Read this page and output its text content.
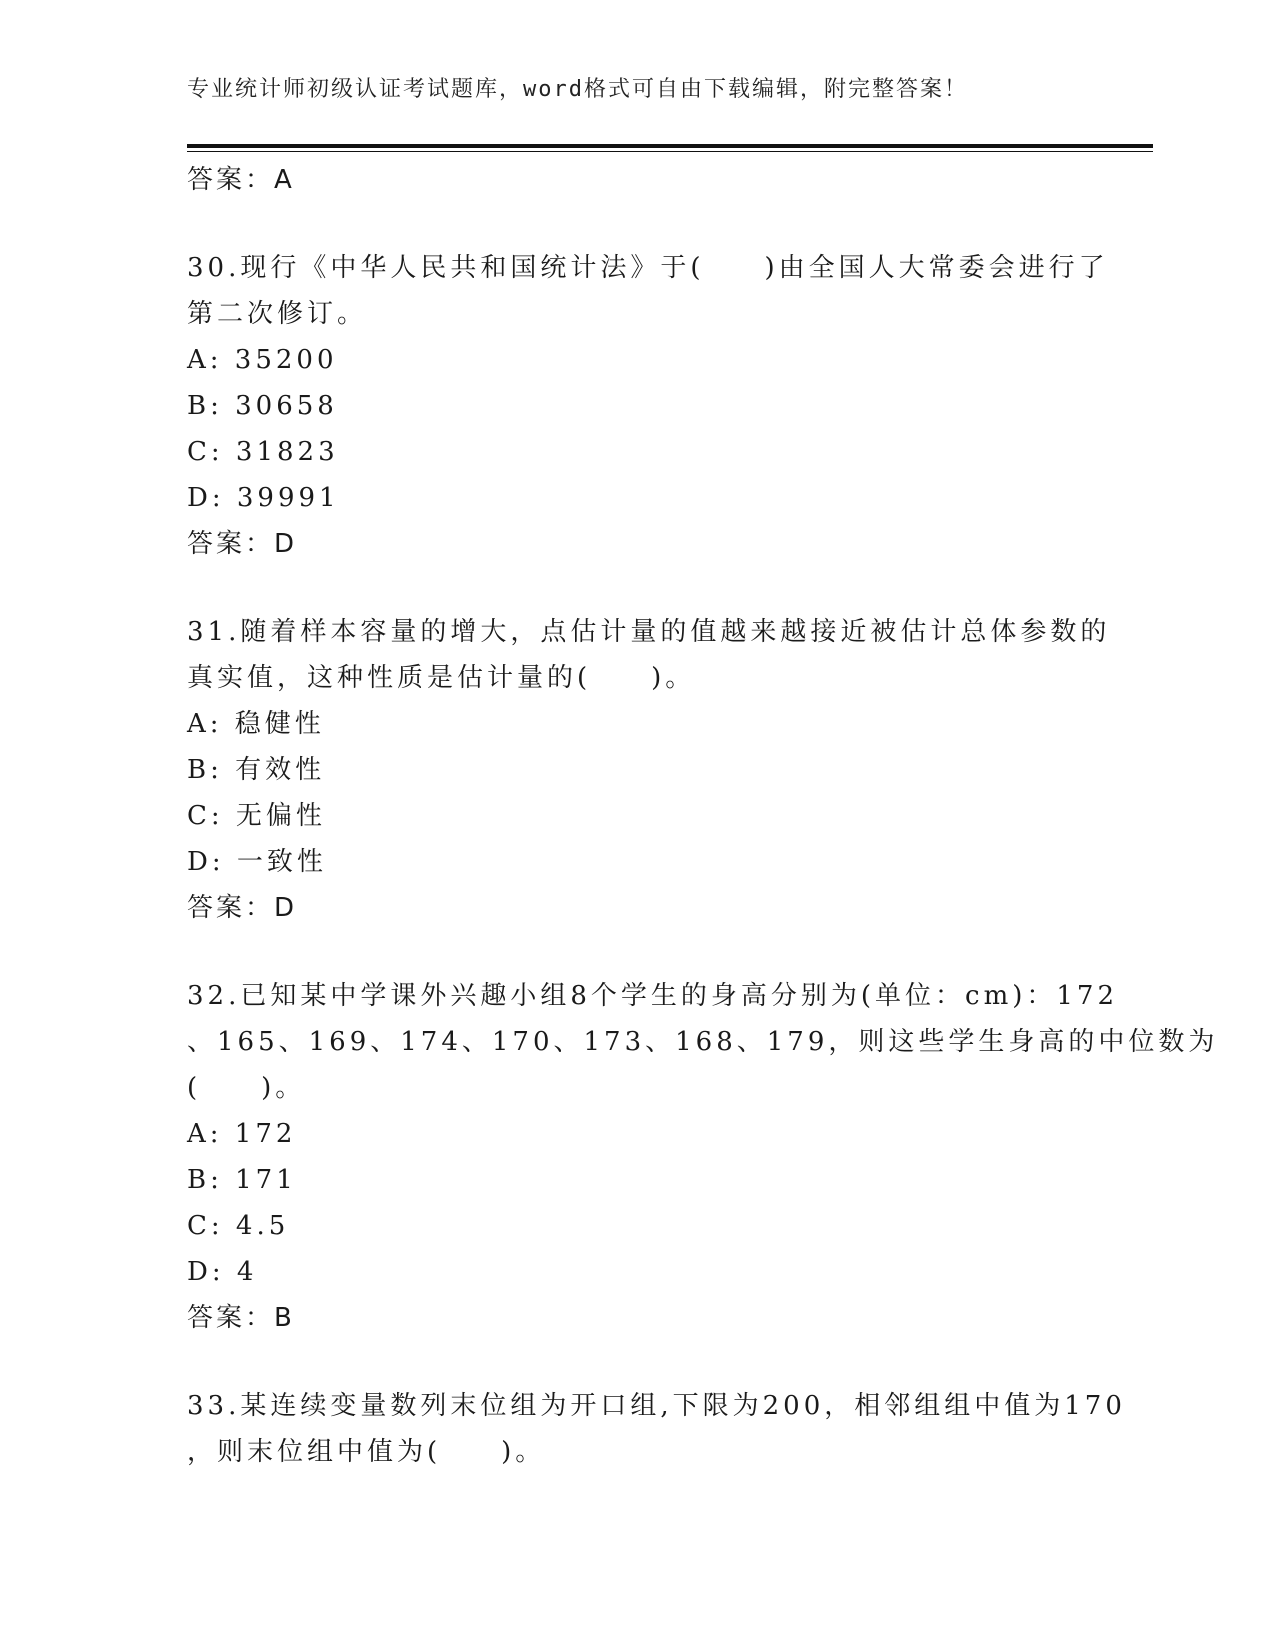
专业统计师初级认证考试题库，word格式可自由下载编辑，附完整答案！
答案：A
30.现行《中华人民共和国统计法》于(　　)由全国人大常委会进行了
第二次修订。
A: 35200
B: 30658
C: 31823
D: 39991
答案：D
31.随着样本容量的增大，点估计量的值越来越接近被估计总体参数的
真实值，这种性质是估计量的(　　)。
A: 稳健性
B: 有效性
C: 无偏性
D: 一致性
答案：D
32.已知某中学课外兴趣小组8个学生的身高分别为(单位：cm)：172
、165、169、174、170、173、168、179，则这些学生身高的中位数为
(　　)。
A: 172
B: 171
C: 4.5
D: 4
答案：B
33.某连续变量数列末位组为开口组,下限为200，相邻组组中值为170
，则末位组中值为(　　)。
